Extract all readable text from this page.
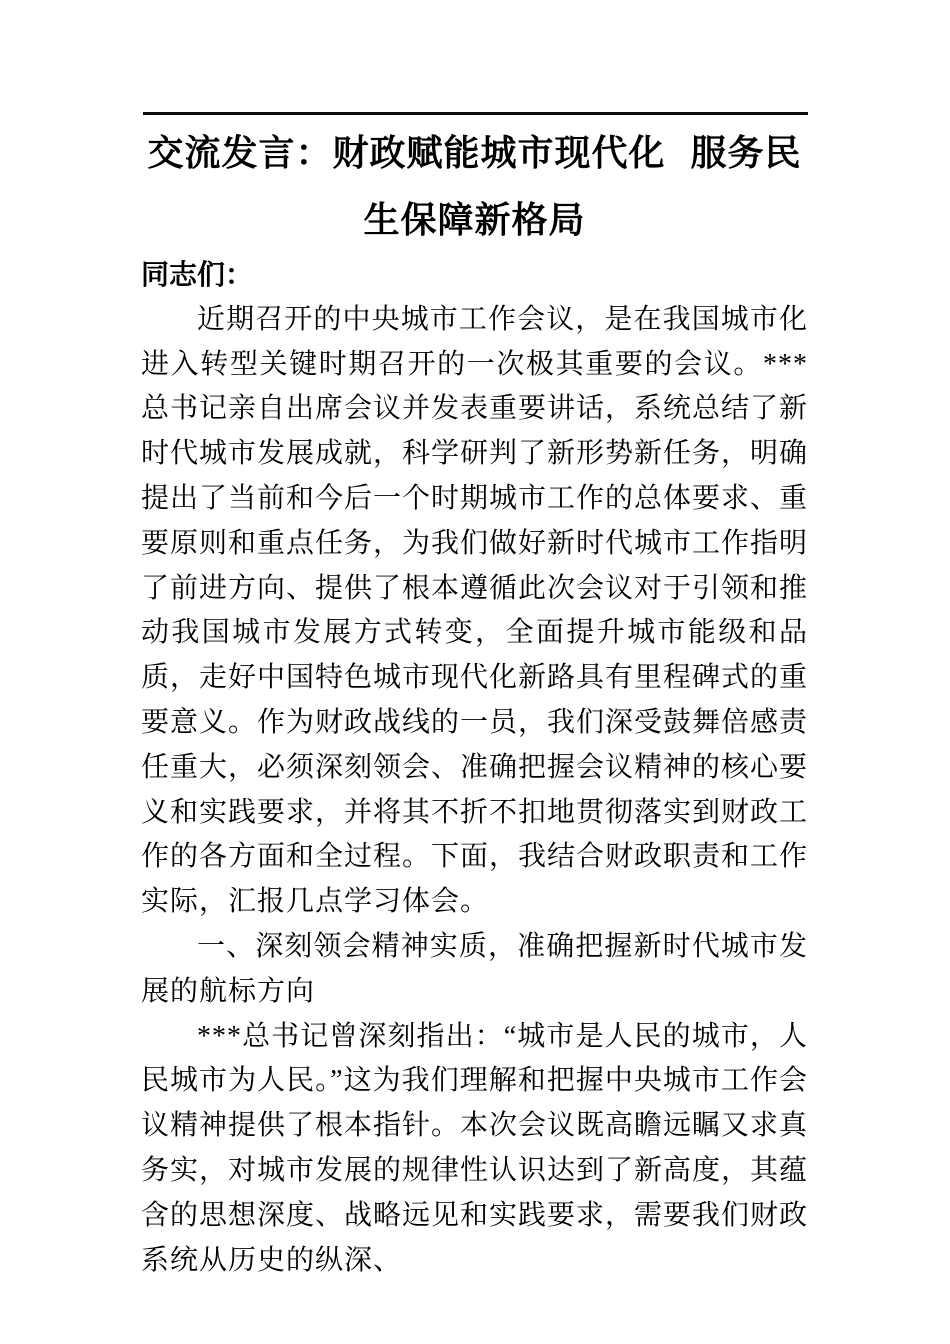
交流发言：财政赋能城市现代化 服务民生保障新格局

同志们：

近期召开的中央城市工作会议，是在我国城市化进入转型关键时期召开的一次极其重要的会议。***总书记亲自出席会议并发表重要讲话，系统总结了新时代城市发展成就，科学研判了新形势新任务，明确提出了当前和今后一个时期城市工作的总体要求、重要原则和重点任务，为我们做好新时代城市工作指明了前进方向、提供了根本遵循此次会议对于引领和推动我国城市发展方式转变，全面提升城市能级和品质，走好中国特色城市现代化新路具有里程碑式的重要意义。作为财政战线的一员，我们深受鼓舞倍感责任重大，必须深刻领会、准确把握会议精神的核心要义和实践要求，并将其不折不扣地贯彻落实到财政工作的各方面和全过程。下面，我结合财政职责和工作实际，汇报几点学习体会。

一、深刻领会精神实质，准确把握新时代城市发展的航标方向

***总书记曾深刻指出：“城市是人民的城市，人民城市为人民。”这为我们理解和把握中央城市工作会议精神提供了根本指针。本次会议既高瞻远瞩又求真务实，对城市发展的规律性认识达到了新高度，其蕴含的思想深度、战略远见和实践要求，需要我们财政系统从历史的纵深、
